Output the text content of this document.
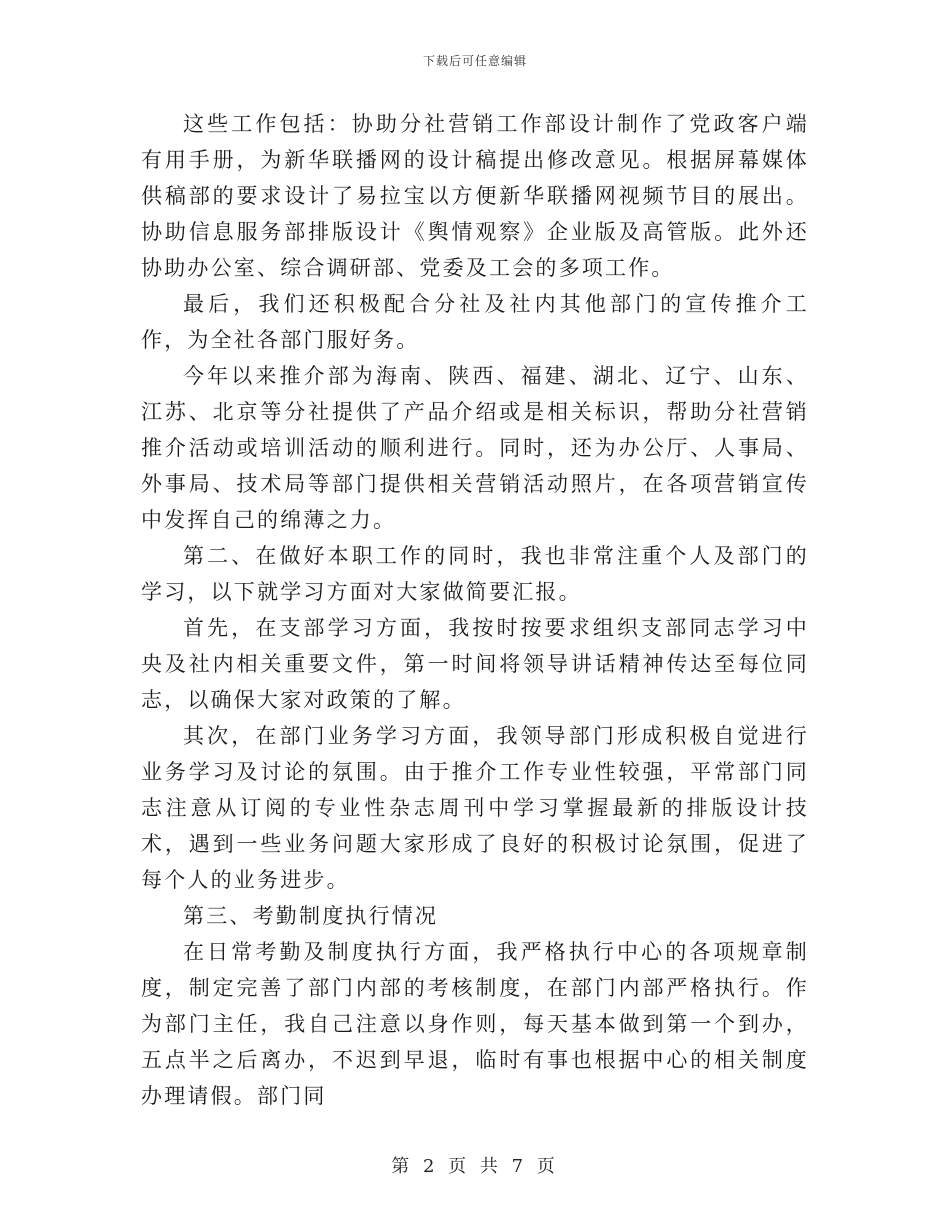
下载后可任意编辑

这些工作包括：协助分社营销工作部设计制作了党政客户端有用手册，为新华联播网的设计稿提出修改意见。根据屏幕媒体供稿部的要求设计了易拉宝以方便新华联播网视频节目的展出。协助信息服务部排版设计《舆情观察》企业版及高管版。此外还协助办公室、综合调研部、党委及工会的多项工作。

最后，我们还积极配合分社及社内其他部门的宣传推介工作，为全社各部门服好务。

今年以来推介部为海南、陕西、福建、湖北、辽宁、山东、江苏、北京等分社提供了产品介绍或是相关标识，帮助分社营销推介活动或培训活动的顺利进行。同时，还为办公厅、人事局、外事局、技术局等部门提供相关营销活动照片，在各项营销宣传中发挥自己的绵薄之力。

第二、在做好本职工作的同时，我也非常注重个人及部门的学习，以下就学习方面对大家做简要汇报。

首先，在支部学习方面，我按时按要求组织支部同志学习中央及社内相关重要文件，第一时间将领导讲话精神传达至每位同志，以确保大家对政策的了解。

其次，在部门业务学习方面，我领导部门形成积极自觉进行业务学习及讨论的氛围。由于推介工作专业性较强，平常部门同志注意从订阅的专业性杂志周刊中学习掌握最新的排版设计技术，遇到一些业务问题大家形成了良好的积极讨论氛围，促进了每个人的业务进步。

第三、考勤制度执行情况

在日常考勤及制度执行方面，我严格执行中心的各项规章制度，制定完善了部门内部的考核制度，在部门内部严格执行。作为部门主任，我自己注意以身作则，每天基本做到第一个到办，五点半之后离办，不迟到早退，临时有事也根据中心的相关制度办理请假。部门同

第 2 页 共 7 页
